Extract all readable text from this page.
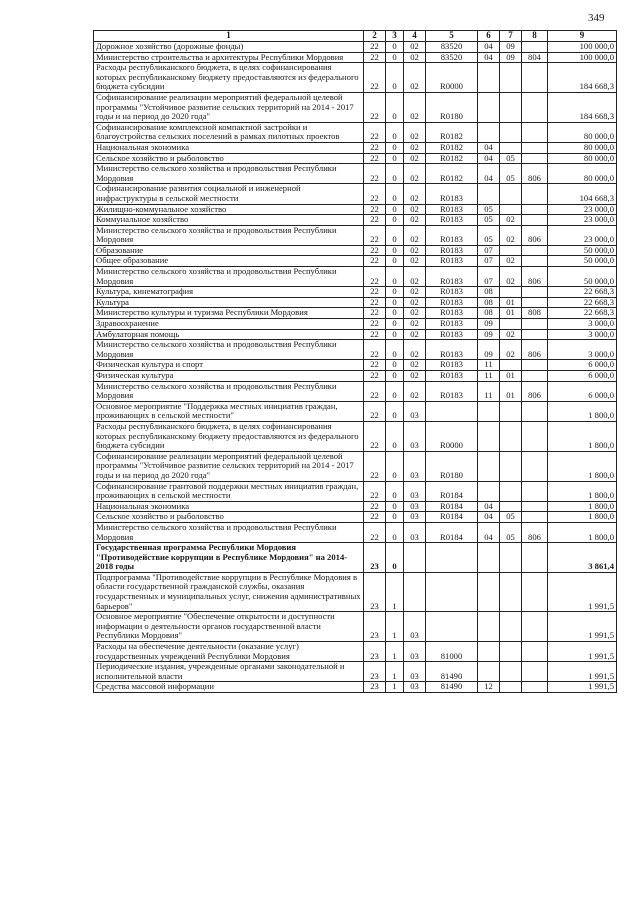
349
1	2	3	4	5	6	7	8	9
Дорожное хозяйство (дорожные фонды)	22	0	02	83520	04	09		100 000,0
Министерство строительства и архитектуры Республики Мордовия	22	0	02	83520	04	09	804	100 000,0
Расходы республиканского бюджета, в целях софинансирования которых республиканскому бюджету предоставляются из федерального бюджета субсидии	22	0	02	R0000				184 668,3
Софинансирование реализации мероприятий федеральной целевой программы "Устойчивое развитие сельских территорий на 2014 - 2017 годы и на период до 2020 года"	22	0	02	R0180				184 668,3
Софинансирование комплексной компактной застройки и благоустройства сельских поселений в рамках пилотных проектов	22	0	02	R0182				80 000,0
Национальная экономика	22	0	02	R0182	04			80 000,0
Сельское хозяйство и рыболовство	22	0	02	R0182	04	05		80 000,0
Министерство сельского хозяйства и продовольствия Республики Мордовия	22	0	02	R0182	04	05	806	80 000,0
Софинансирование развития социальной и инженерной инфраструктуры в сельской местности	22	0	02	R0183				104 668,3
Жилищно-коммунальное хозяйство	22	0	02	R0183	05			23 000,0
Коммунальное хозяйство	22	0	02	R0183	05	02		23 000,0
Министерство сельского хозяйства и продовольствия Республики Мордовия	22	0	02	R0183	05	02	806	23 000,0
Образование	22	0	02	R0183	07			50 000,0
Общее образование	22	0	02	R0183	07	02		50 000,0
Министерство сельского хозяйства и продовольствия Республики Мордовия	22	0	02	R0183	07	02	806	50 000,0
Культура, кинематография	22	0	02	R0183	08			22 668,3
Культура	22	0	02	R0183	08	01		22 668,3
Министерство культуры и туризма Республики Мордовия	22	0	02	R0183	08	01	808	22 668,3
Здравоохранение	22	0	02	R0183	09			3 000,0
Амбулаторная помощь	22	0	02	R0183	09	02		3 000,0
Министерство сельского хозяйства и продовольствия Республики Мордовия	22	0	02	R0183	09	02	806	3 000,0
Физическая культура и спорт	22	0	02	R0183	11			6 000,0
Физическая культура	22	0	02	R0183	11	01		6 000,0
Министерство сельского хозяйства и продовольствия Республики Мордовия	22	0	02	R0183	11	01	806	6 000,0
Основное мероприятие "Поддержка местных инициатив граждан, проживающих в сельской местности"	22	0	03					1 800,0
Расходы республиканского бюджета, в целях софинансирования которых республиканскому бюджету предоставляются из федерального бюджета субсидии	22	0	03	R0000				1 800,0
Софинансирование реализации мероприятий федеральной целевой программы "Устойчивое развитие сельских территорий на 2014 - 2017 годы и на период до 2020 года"	22	0	03	R0180				1 800,0
Софинансирование грантовой поддержки местных инициатив граждан, проживающих в сельской местности	22	0	03	R0184				1 800,0
Национальная экономика	22	0	03	R0184	04			1 800,0
Сельское хозяйство и рыболовство	22	0	03	R0184	04	05		1 800,0
Министерство сельского хозяйства и продовольствия Республики Мордовия	22	0	03	R0184	04	05	806	1 800,0
Государственная программа Республики Мордовия "Противодействие коррупции в Республике Мордовия" на 2014-2018 годы	23	0						3 861,4
Подпрограмма "Противодействие коррупции в Республике Мордовия в области государственной гражданской службы, оказания государственных и муниципальных услуг, снижения административных барьеров"	23	1						1 991,5
Основное мероприятие "Обеспечение открытости и доступности информации о деятельности органов государственной власти Республики Мордовия"	23	1	03					1 991,5
Расходы на обеспечение деятельности (оказание услуг) государственных учреждений Республики Мордовия	23	1	03	81000				1 991,5
Периодические издания, учрежденные органами законодательной и исполнительной власти	23	1	03	81490				1 991,5
Средства массовой информации	23	1	03	81490	12			1 991,5
